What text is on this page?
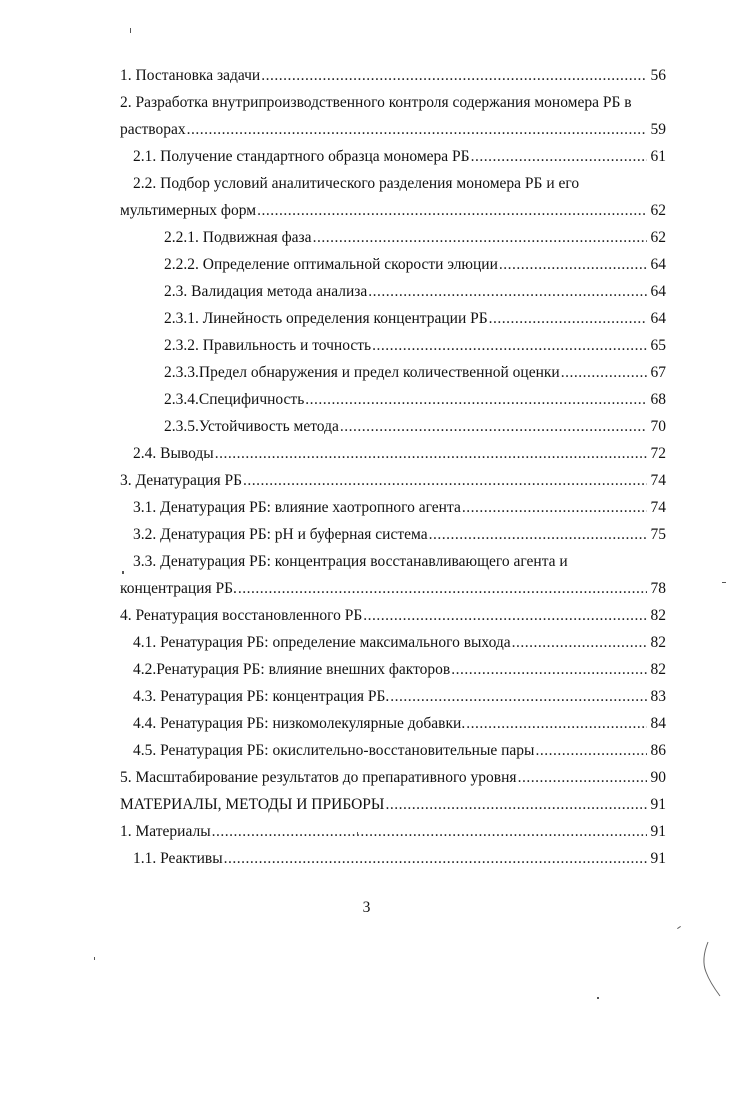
1. Постановка задачи .....	56
2. Разработка внутрипроизводственного контроля содержания мономера РБ в
растворах .....	59
2.1. Получение стандартного образца мономера РБ .....	61
2.2. Подбор условий аналитического разделения мономера РБ и его
мультимерных форм .....	62
2.2.1. Подвижная фаза .....	62
2.2.2. Определение оптимальной скорости элюции .....	64
2.3. Валидация метода анализа .....	64
2.3.1. Линейность определения концентрации РБ .....	64
2.3.2. Правильность и точность .....	65
2.3.3.Предел обнаружения и предел количественной оценки .....	67
2.3.4.Специфичность .....	68
2.3.5.Устойчивость метода .....	70
2.4. Выводы .....	72
3. Денатурация РБ .....	74
3.1. Денатурация РБ: влияние хаотропного агента .....	74
3.2. Денатурация РБ: pH и буферная система .....	75
3.3. Денатурация РБ: концентрация восстанавливающего агента и
концентрация РБ. .....	78
4. Ренатурация восстановленного РБ .....	82
4.1. Ренатурация РБ: определение максимального выхода .....	82
4.2.Ренатурация РБ: влияние внешних факторов .....	82
4.3. Ренатурация РБ: концентрация РБ. .....	83
4.4. Ренатурация РБ: низкомолекулярные добавки. .....	84
4.5. Ренатурация РБ: окислительно-восстановительные пары .....	86
5. Масштабирование результатов до препаративного уровня .....	90
МАТЕРИАЛЫ, МЕТОДЫ И ПРИБОРЫ .....	91
1. Материалы .....	91
1.1. Реактивы .....	91
3
